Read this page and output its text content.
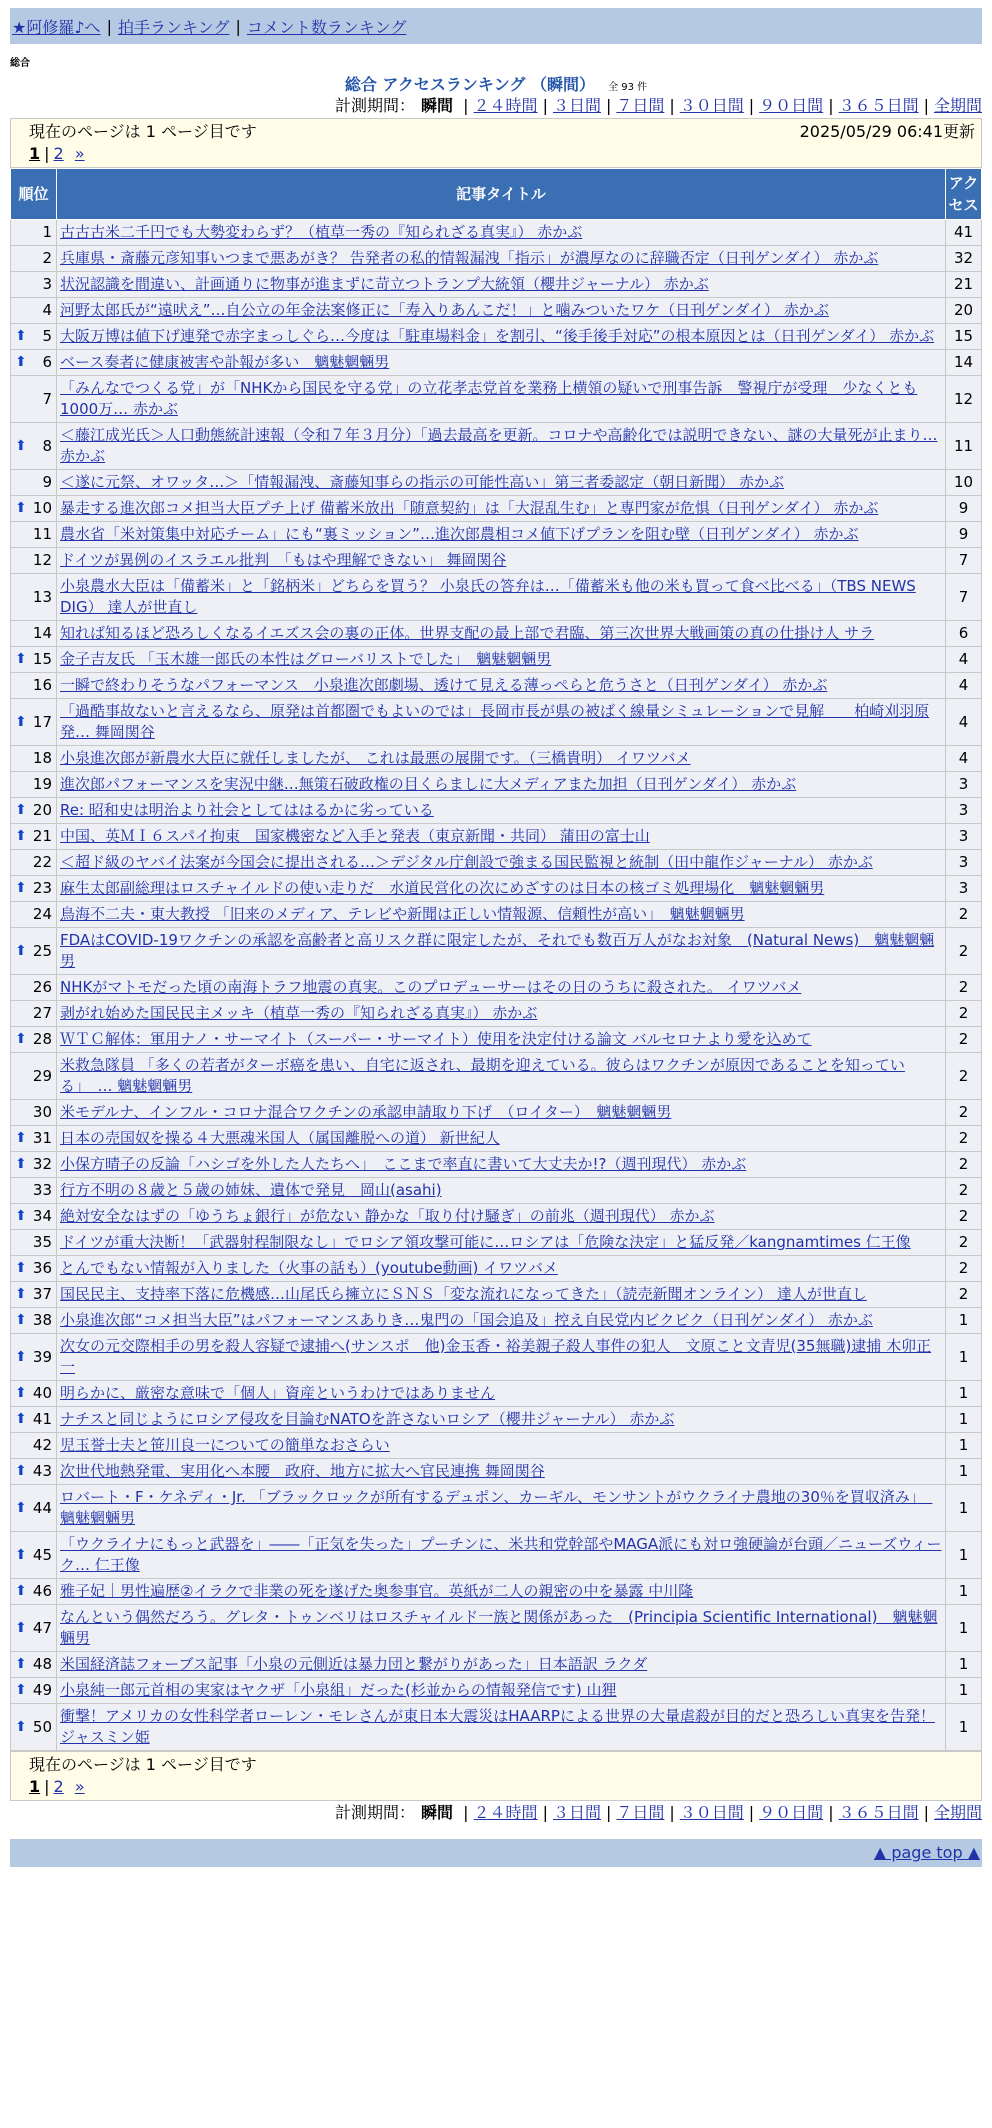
★阿修羅♪へ | 拍手ランキング | コメント数ランキング
総合
総合 アクセスランキング （瞬間） 全 93 件
計測期間： 瞬間 | ２４時間 | ３日間 | ７日間 | ３０日間 | ９０日間 | ３６５日間 | 全期間
現在のページは 1 ページ目です	2025/05/29 06:41更新
1 | 2 »
順位	記事タイトル	アクセス
1	古古古米二千円でも大勢変わらず？（植草一秀の『知られざる真実』） 赤かぶ	41
2	兵庫県・斎藤元彦知事いつまで悪あがき？ 告発者の私的情報漏洩「指示」が濃厚なのに辞職否定（日刊ゲンダイ） 赤かぶ	32
3	状況認識を間違い、計画通りに物事が進まずに苛立つトランプ大統領（櫻井ジャーナル） 赤かぶ	21
4	河野太郎氏が“遠吠え”…自公立の年金法案修正に「寿入りあんこだ！」と噛みついたワケ（日刊ゲンダイ） 赤かぶ	20

⬆ 5	大阪万博は値下げ連発で赤字まっしぐら…今度は「駐車場料金」を割引、“後手後手対応”の根本原因とは（日刊ゲンダイ） 赤かぶ	15

⬆ 6	ベース奏者に健康被害や訃報が多い　魑魅魍魎男	14
7	「みんなでつくる党」が「NHKから国民を守る党」の立花孝志党首を業務上横領の疑いで刑事告訴　警視庁が受理　少なくとも1000万… 赤かぶ	12

⬆ 8	＜藤江成光氏＞人口動態統計速報（令和７年３月分）「過去最高を更新。コロナや高齢化では説明できない、謎の大量死が止まり… 赤かぶ	11
9	＜遂に元祭、オワッタ…＞「情報漏洩、斎藤知事らの指示の可能性高い」第三者委認定（朝日新聞） 赤かぶ	10

⬆ 10	暴走する進次郎コメ担当大臣プチ上げ 備蓄米放出「随意契約」は「大混乱生む」と専門家が危惧（日刊ゲンダイ） 赤かぶ	9
11	農水省「米対策集中対応チーム」にも“裏ミッション”…進次郎農相コメ値下げプランを阻む壁（日刊ゲンダイ） 赤かぶ	9
12	ドイツが異例のイスラエル批判　「もはや理解できない」 舞岡関谷	7
13	小泉農水大臣は「備蓄米」と「銘柄米」どちらを買う？ 小泉氏の答弁は…「備蓄米も他の米も買って食べ比べる」（TBS NEWS DIG） 達人が世直し	7
14	知れば知るほど恐ろしくなるイエズス会の裏の正体。世界支配の最上部で君臨、第三次世界大戦画策の真の仕掛け人 サラ	6

⬆ 15	金子吉友氏 「玉木雄一郎氏の本性はグローバリストでした」　魑魅魍魎男	4
16	一瞬で終わりそうなパフォーマンス　小泉進次郎劇場、透けて見える薄っぺらと危うさと（日刊ゲンダイ） 赤かぶ	4

⬆ 17	「過酷事故ないと言えるなら、原発は首都圏でもよいのでは」長岡市長が県の被ばく線量シミュレーションで見解　　柏崎刈羽原発… 舞岡関谷	4
18	小泉進次郎が新農水大臣に就任しましたが、 これは最悪の展開です。（三橋貴明） イワツバメ	4
19	進次郎パフォーマンスを実況中継…無策石破政権の目くらましに大メディアまた加担（日刊ゲンダイ） 赤かぶ	3

⬆ 20	Re: 昭和史は明治より社会としてははるかに劣っている	3

⬆ 21	中国、英ＭＩ６スパイ拘束　国家機密など入手と発表（東京新聞・共同） 蒲田の富士山	3
22	＜超ド級のヤバイ法案が今国会に提出される…＞デジタル庁創設で強まる国民監視と統制（田中龍作ジャーナル） 赤かぶ	3

⬆ 23	麻生太郎副総理はロスチャイルドの使い走りだ　水道民営化の次にめざすのは日本の核ゴミ処理場化　魑魅魍魎男	3
24	鳥海不二夫・東大教授 「旧来のメディア、テレビや新聞は正しい情報源、信頼性が高い」　魑魅魍魎男	2

⬆ 25	FDAはCOVID-19ワクチンの承認を高齢者と高リスク群に限定したが、それでも数百万人がなお対象　(Natural News)　魑魅魍魎男	2
26	NHKがマトモだった頃の南海トラフ地震の真実。このプロデューサーはその日のうちに殺された。 イワツバメ	2
27	剥がれ始めた国民民主メッキ（植草一秀の『知られざる真実』） 赤かぶ	2

⬆ 28	ＷＴＣ解体：軍用ナノ・サーマイト（スーパー・サーマイト）使用を決定付ける論文 バルセロナより愛を込めて	2
29	米救急隊員 「多くの若者がターボ癌を患い、自宅に返され、最期を迎えている。彼らはワクチンが原因であることを知っている」　… 魑魅魍魎男	2
30	米モデルナ、インフル・コロナ混合ワクチンの承認申請取り下げ　（ロイター）　魑魅魍魎男	2

⬆ 31	日本の売国奴を操る４大悪魂米国人（属国離脱への道） 新世紀人	2

⬆ 32	小保方晴子の反論「ハシゴを外した人たちへ」　ここまで率直に書いて大丈夫か!?（週刊現代） 赤かぶ	2
33	行方不明の８歳と５歳の姉妹、遺体で発見　岡山(asahi)	2

⬆ 34	絶対安全なはずの「ゆうちょ銀行」が危ない 静かな「取り付け騒ぎ」の前兆（週刊現代） 赤かぶ	2
35	ドイツが重大決断！「武器射程制限なし」でロシア領攻撃可能に…ロシアは「危険な決定」と猛反発／kangnamtimes 仁王像	2

⬆ 36	とんでもない情報が入りました（火事の話も）(youtube動画) イワツバメ	2

⬆ 37	国民民主、支持率下落に危機感…山尾氏ら擁立にＳＮＳ「変な流れになってきた」（読売新聞オンライン） 達人が世直し	2

⬆ 38	小泉進次郎“コメ担当大臣”はパフォーマンスありき…鬼門の「国会追及」控え自民党内ビクビク（日刊ゲンダイ） 赤かぶ	1

⬆ 39	次女の元交際相手の男を殺人容疑で逮捕へ(サンスポ　他)金玉香・裕美親子殺人事件の犯人　文原こと文青児(35無職)逮捕 木卯正一	1

⬆ 40	明らかに、厳密な意味で「個人」資産というわけではありません	1

⬆ 41	ナチスと同じようにロシア侵攻を目論むNATOを許さないロシア（櫻井ジャーナル） 赤かぶ	1
42	児玉誉士夫と笹川良一についての簡単なおさらい	1

⬆ 43	次世代地熱発電、実用化へ本腰　政府、地方に拡大へ官民連携 舞岡関谷	1

⬆ 44	ロバート・F・ケネディ・Jr. 「ブラックロックが所有するデュポン、カーギル、モンサントがウクライナ農地の30％を買収済み」　魑魅魍魎男	1

⬆ 45	「ウクライナにもっと武器を」――「正気を失った」プーチンに、米共和党幹部やMAGA派にも対ロ強硬論が台頭／ニューズウィーク… 仁王像	1

⬆ 46	雅子妃｜男性遍歴②イラクで非業の死を遂げた奥参事官。英紙が二人の親密の中を暴露 中川隆	1

⬆ 47	なんという偶然だろう。グレタ・トゥンベリはロスチャイルド一族と関係があった　(Principia Scientific International)　魑魅魍魎男	1

⬆ 48	米国経済誌フォーブス記事「小泉の元側近は暴力団と繋がりがあった」日本語訳 ラクダ	1

⬆ 49	小泉純一郎元首相の実家はヤクザ「小泉組」だった(杉並からの情報発信です) 山狸	1

⬆ 50	衝撃！アメリカの女性科学者ローレン・モレさんが東日本大震災はHAARPによる世界の大量虐殺が目的だと恐ろしい真実を告発！ ジャスミン姫	1
現在のページは 1 ページ目です
1 | 2 »
計測期間： 瞬間 | ２４時間 | ３日間 | ７日間 | ３０日間 | ９０日間 | ３６５日間 | 全期間
▲ page top ▲
